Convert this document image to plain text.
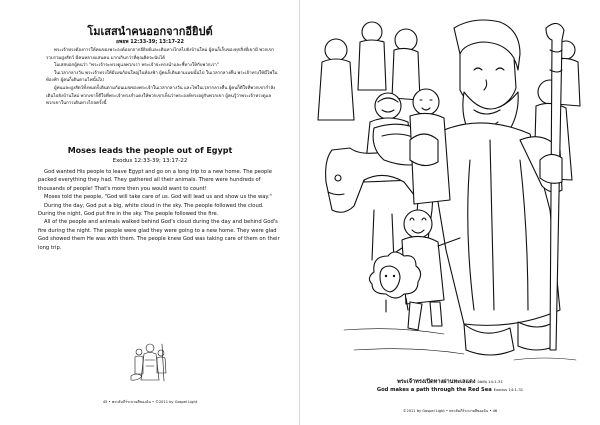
โมเสสนำคนออกจากอียิปต์
อพยพ 12:33-39; 13:17-22

พระเจ้าทรงต้องการให้คนของพระองค์ออกจากอียิปต์และเดินทางไกลไปยังบ้านใหม่ ผู้คนก็เก็บของทุกสิ่งที่เขามี พวกเขารวบรวมฝูงสัตว์ มีคนหลายแสนคน มากเกินกว่าที่คุณคิดจะนับได้

โมเสสบอกผู้คนว่า "พระเจ้าจะทรงดูแลพวกเรา พระเจ้าจะทรงนำและชี้ทางให้กับพวกเรา"

ในเวลากลางวัน พระเจ้าทรงให้มีเมฆก้อนใหญ่ในท้องฟ้า ผู้คนก็เดินตามเมฆนั้นไป ในเวลากลางคืน พระเจ้าทรงให้มีไฟในท้องฟ้า ผู้คนก็เดินตามไฟนั้นไป

ผู้คนและฝูงสัตว์ทั้งหมดก็เดินตามก้อนเมฆของพระเจ้าในเวลากลางวัน และไฟในเวลากลางคืน ผู้คนก็ดีใจที่พวกเขากำลังเดินไปยังบ้านใหม่ พวกเขาก็ดีใจที่พระเจ้าทรงสำแดงให้พวกเขาเห็นว่าพระองค์ทรงอยู่กับพวกเขา ผู้คนรู้ว่าพระเจ้าทรงดูแลพวกเขาในการเดินทางไกลครั้งนี้

Moses leads the people out of Egypt
Exodus 12:33-39; 13:17-22

God wanted His people to leave Egypt and go on a long trip to a new home. The people packed everything they had. They gathered all their animals. There were hundreds of thousands of people! That's more then you would want to count!

Moses told the people, "God will take care of us. God will lead us and show us the way."

During the day, God put a big, white cloud in the sky. The people followed the cloud. During the night, God put fire in the sky. The people followed the fire.

All of the people and animals walked behind God's cloud during the day and behind God's fire during the night. The people were glad they were going to a new home. They were glad God showed them He was with them. The people knew God was taking care of them on their long trip.

45 • พระคัมภีร์ระบายสีของฉัน • ©2011 by Gospel Light
พระเจ้าทรงเปิดทางผ่านทะเลแดง อพยพ 14:1-31
God makes a path through the Red Sea Exodus 14:1-31
©2011 by Gospel Light • พระคัมภีร์ระบายสีของฉัน • 46
